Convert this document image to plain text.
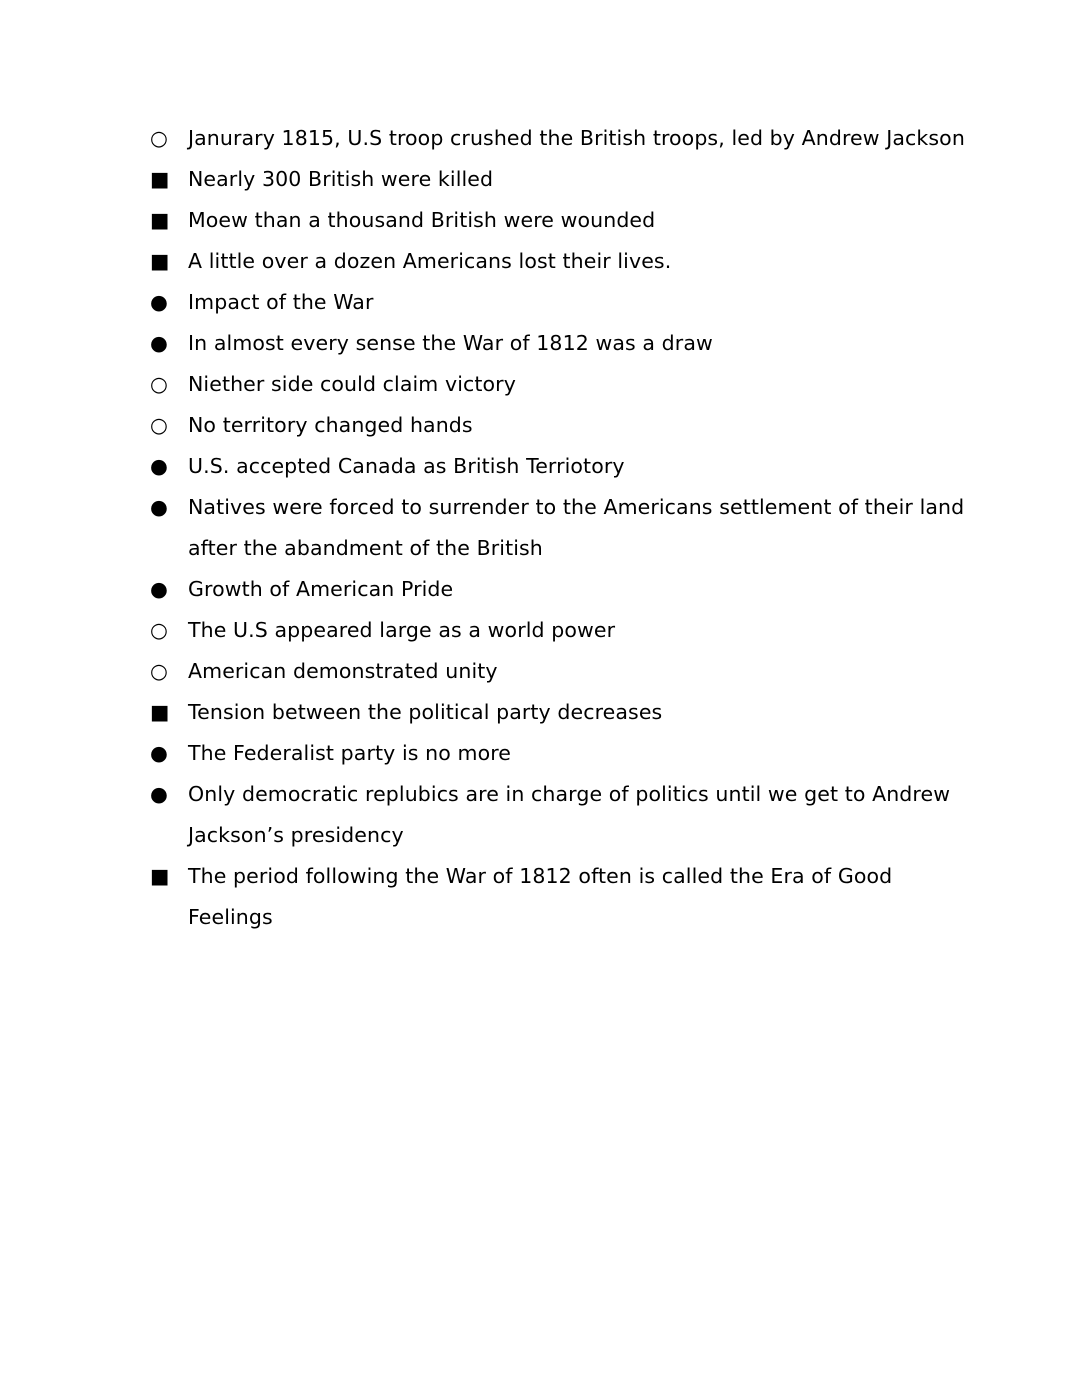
○ Janurary 1815, U.S troop crushed the British troops, led by Andrew Jackson
■ Nearly 300 British were killed
■ Moew than a thousand British were wounded
■ A little over a dozen Americans lost their lives.
● Impact of the War
● In almost every sense the War of 1812 was a draw
○ Niether side could claim victory
○ No territory changed hands
● U.S. accepted Canada as British Terriotory
● Natives were forced to surrender to the Americans settlement of their land after the abandment of the British
● Growth of American Pride
○ The U.S appeared large as a world power
○ American demonstrated unity
■ Tension between the political party decreases
● The Federalist party is no more
● Only democratic replubics are in charge of politics until we get to Andrew Jackson’s presidency
■ The period following the War of 1812 often is called the Era of Good Feelings
